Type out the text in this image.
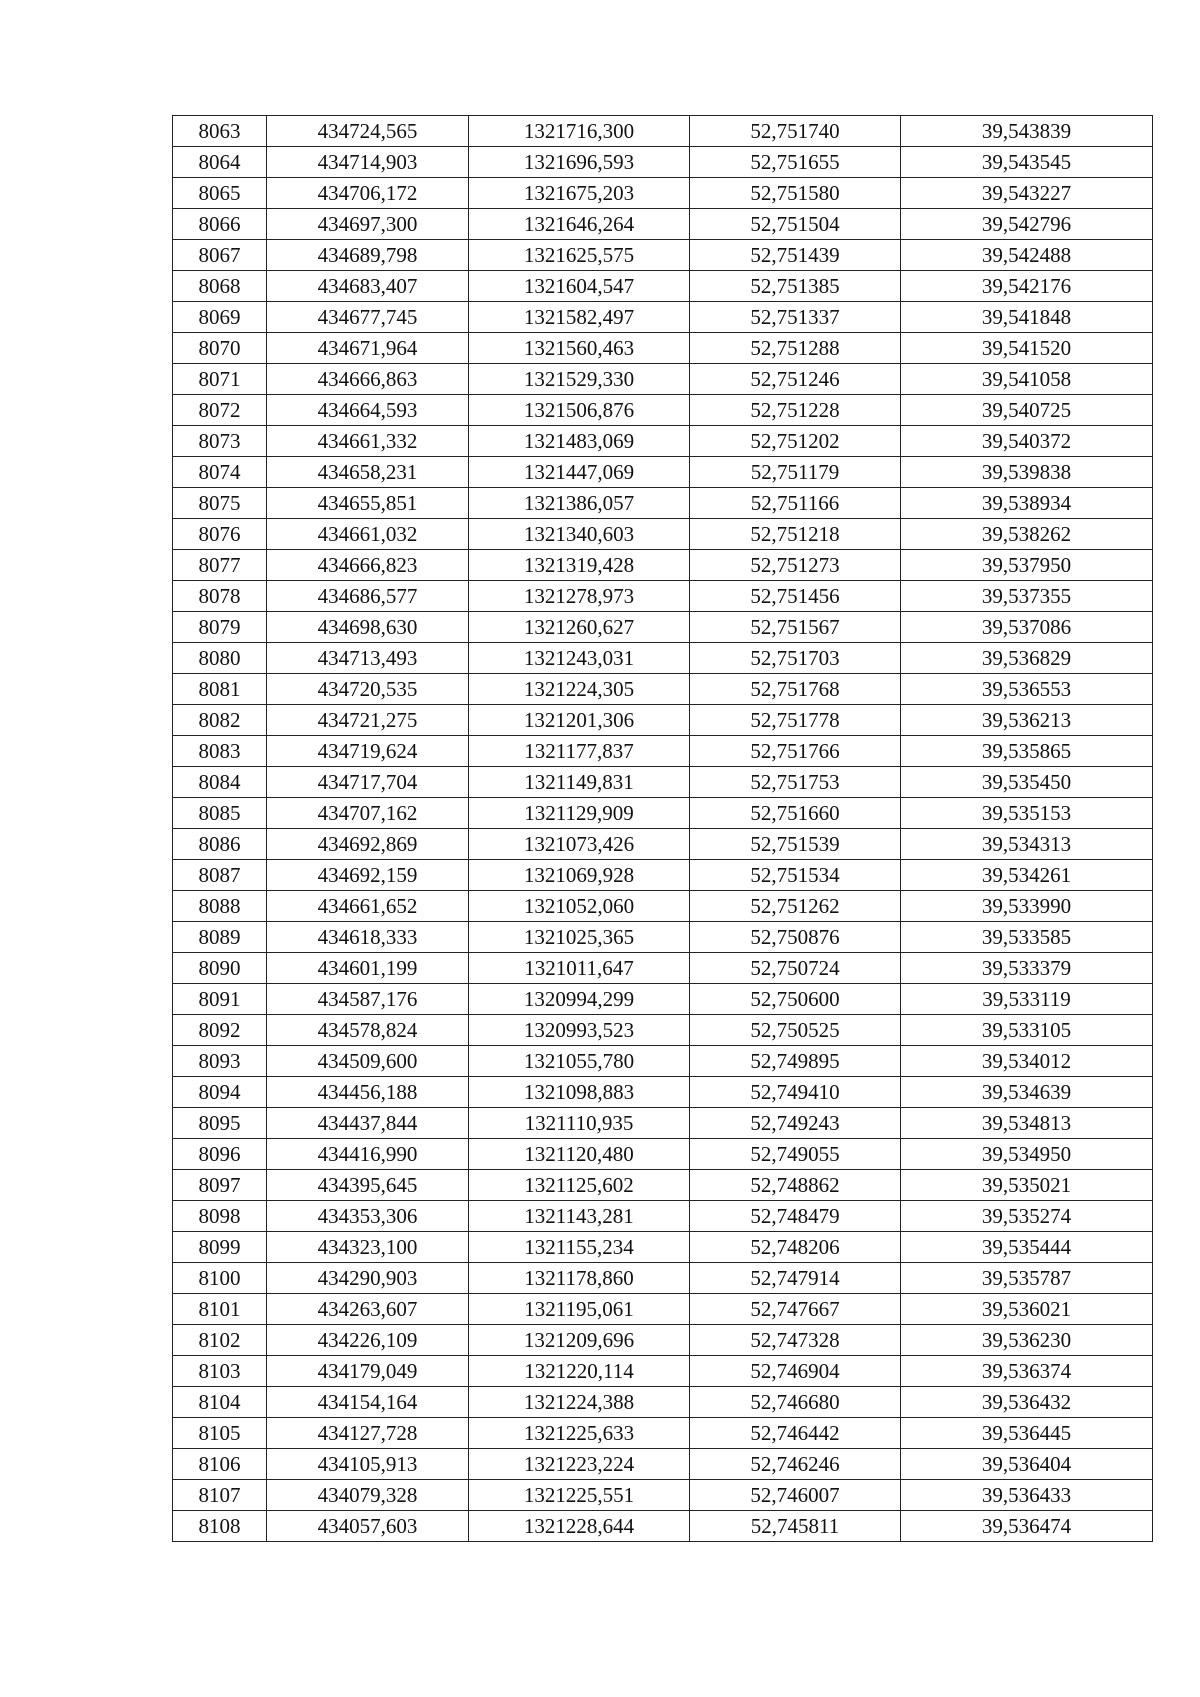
8063	434724,565	1321716,300	52,751740	39,543839
8064	434714,903	1321696,593	52,751655	39,543545
8065	434706,172	1321675,203	52,751580	39,543227
8066	434697,300	1321646,264	52,751504	39,542796
8067	434689,798	1321625,575	52,751439	39,542488
8068	434683,407	1321604,547	52,751385	39,542176
8069	434677,745	1321582,497	52,751337	39,541848
8070	434671,964	1321560,463	52,751288	39,541520
8071	434666,863	1321529,330	52,751246	39,541058
8072	434664,593	1321506,876	52,751228	39,540725
8073	434661,332	1321483,069	52,751202	39,540372
8074	434658,231	1321447,069	52,751179	39,539838
8075	434655,851	1321386,057	52,751166	39,538934
8076	434661,032	1321340,603	52,751218	39,538262
8077	434666,823	1321319,428	52,751273	39,537950
8078	434686,577	1321278,973	52,751456	39,537355
8079	434698,630	1321260,627	52,751567	39,537086
8080	434713,493	1321243,031	52,751703	39,536829
8081	434720,535	1321224,305	52,751768	39,536553
8082	434721,275	1321201,306	52,751778	39,536213
8083	434719,624	1321177,837	52,751766	39,535865
8084	434717,704	1321149,831	52,751753	39,535450
8085	434707,162	1321129,909	52,751660	39,535153
8086	434692,869	1321073,426	52,751539	39,534313
8087	434692,159	1321069,928	52,751534	39,534261
8088	434661,652	1321052,060	52,751262	39,533990
8089	434618,333	1321025,365	52,750876	39,533585
8090	434601,199	1321011,647	52,750724	39,533379
8091	434587,176	1320994,299	52,750600	39,533119
8092	434578,824	1320993,523	52,750525	39,533105
8093	434509,600	1321055,780	52,749895	39,534012
8094	434456,188	1321098,883	52,749410	39,534639
8095	434437,844	1321110,935	52,749243	39,534813
8096	434416,990	1321120,480	52,749055	39,534950
8097	434395,645	1321125,602	52,748862	39,535021
8098	434353,306	1321143,281	52,748479	39,535274
8099	434323,100	1321155,234	52,748206	39,535444
8100	434290,903	1321178,860	52,747914	39,535787
8101	434263,607	1321195,061	52,747667	39,536021
8102	434226,109	1321209,696	52,747328	39,536230
8103	434179,049	1321220,114	52,746904	39,536374
8104	434154,164	1321224,388	52,746680	39,536432
8105	434127,728	1321225,633	52,746442	39,536445
8106	434105,913	1321223,224	52,746246	39,536404
8107	434079,328	1321225,551	52,746007	39,536433
8108	434057,603	1321228,644	52,745811	39,536474
